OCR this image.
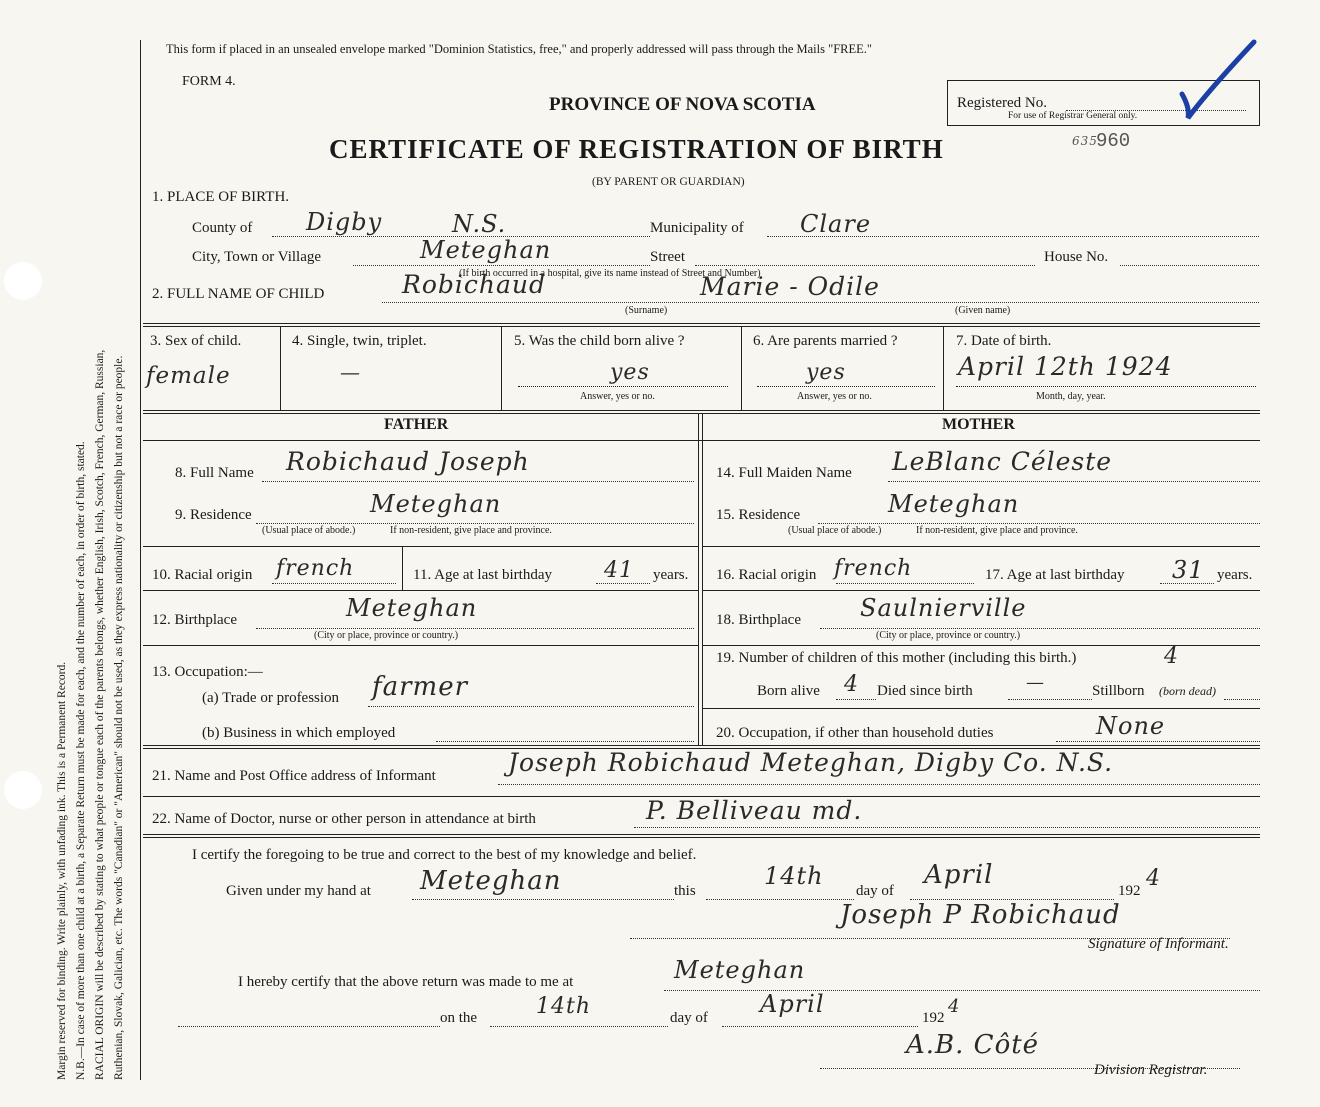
Margin reserved for binding. Write plainly, with unfading ink. This is a Permanent Record. N.B.—In case of more than one child at a birth, a Separate Return must be made for each, and the number of each, in order of birth, stated. RACIAL ORIGIN will be described by stating to what people or tongue each of the parents belongs, whether English, Irish, Scotch, French, German, Russian, Ruthenian, Slovak, Galician, etc. The words "Canadian" or "American" should not be used, as they express nationality or citizenship but not a race or people.
This form if placed in an unsealed envelope marked "Dominion Statistics, free," and properly addressed will pass through the Mails "FREE."
FORM 4.
PROVINCE OF NOVA SCOTIA
CERTIFICATE OF REGISTRATION OF BIRTH
(BY PARENT OR GUARDIAN)
Registered No.
For use of Registrar General only.
635
960
1. PLACE OF BIRTH.
County of Digby	N.S.	Municipality of Clare
City, Town or Village	Meteghan	Street	House No.
(If birth occurred in a hospital, give its name instead of Street and Number)
2. FULL NAME OF CHILD	Robichaud	Marie - Odile
(Surname)	(Given name)
3. Sex of child.
female
4. Single, twin, triplet.
—
5. Was the child born alive ?
yes
Answer, yes or no.
6. Are parents married ?
yes
Answer, yes or no.
7. Date of birth.
April 12th 1924
Month, day, year.
FATHER	MOTHER
8. Full Name Robichaud Joseph
9. Residence	Meteghan
(Usual place of abode.)	If non-resident, give place and province.
10. Racial origin french	11. Age at last birthday 41 years.
12. Birthplace	Meteghan
(City or place, province or country.)
13. Occupation:—
(a) Trade or profession farmer
(b) Business in which employed
14. Full Maiden Name LeBlanc Céleste
15. Residence	Meteghan
(Usual place of abode.)	If non-resident, give place and province.
16. Racial origin french	17. Age at last birthday 31 years.
18. Birthplace Saulnierville
(City or place, province or country.)
19. Number of children of this mother (including this birth.)	4
Born alive 4 Died since birth	—	Stillborn (born dead)
20. Occupation, if other than household duties	None
21. Name and Post Office address of Informant	Joseph Robichaud Meteghan, Digby Co. N.S.
22. Name of Doctor, nurse or other person in attendance at birth	P. Belliveau md.
I certify the foregoing to be true and correct to the best of my knowledge and belief.
Given under my hand at Meteghan	this
14th
day of
April
192 4
Joseph P Robichaud
Signature of Informant.
I hereby certify that the above return was made to me at	Meteghan
on the	14th	day of April	192
4
A.B. Côté
Division Registrar.
